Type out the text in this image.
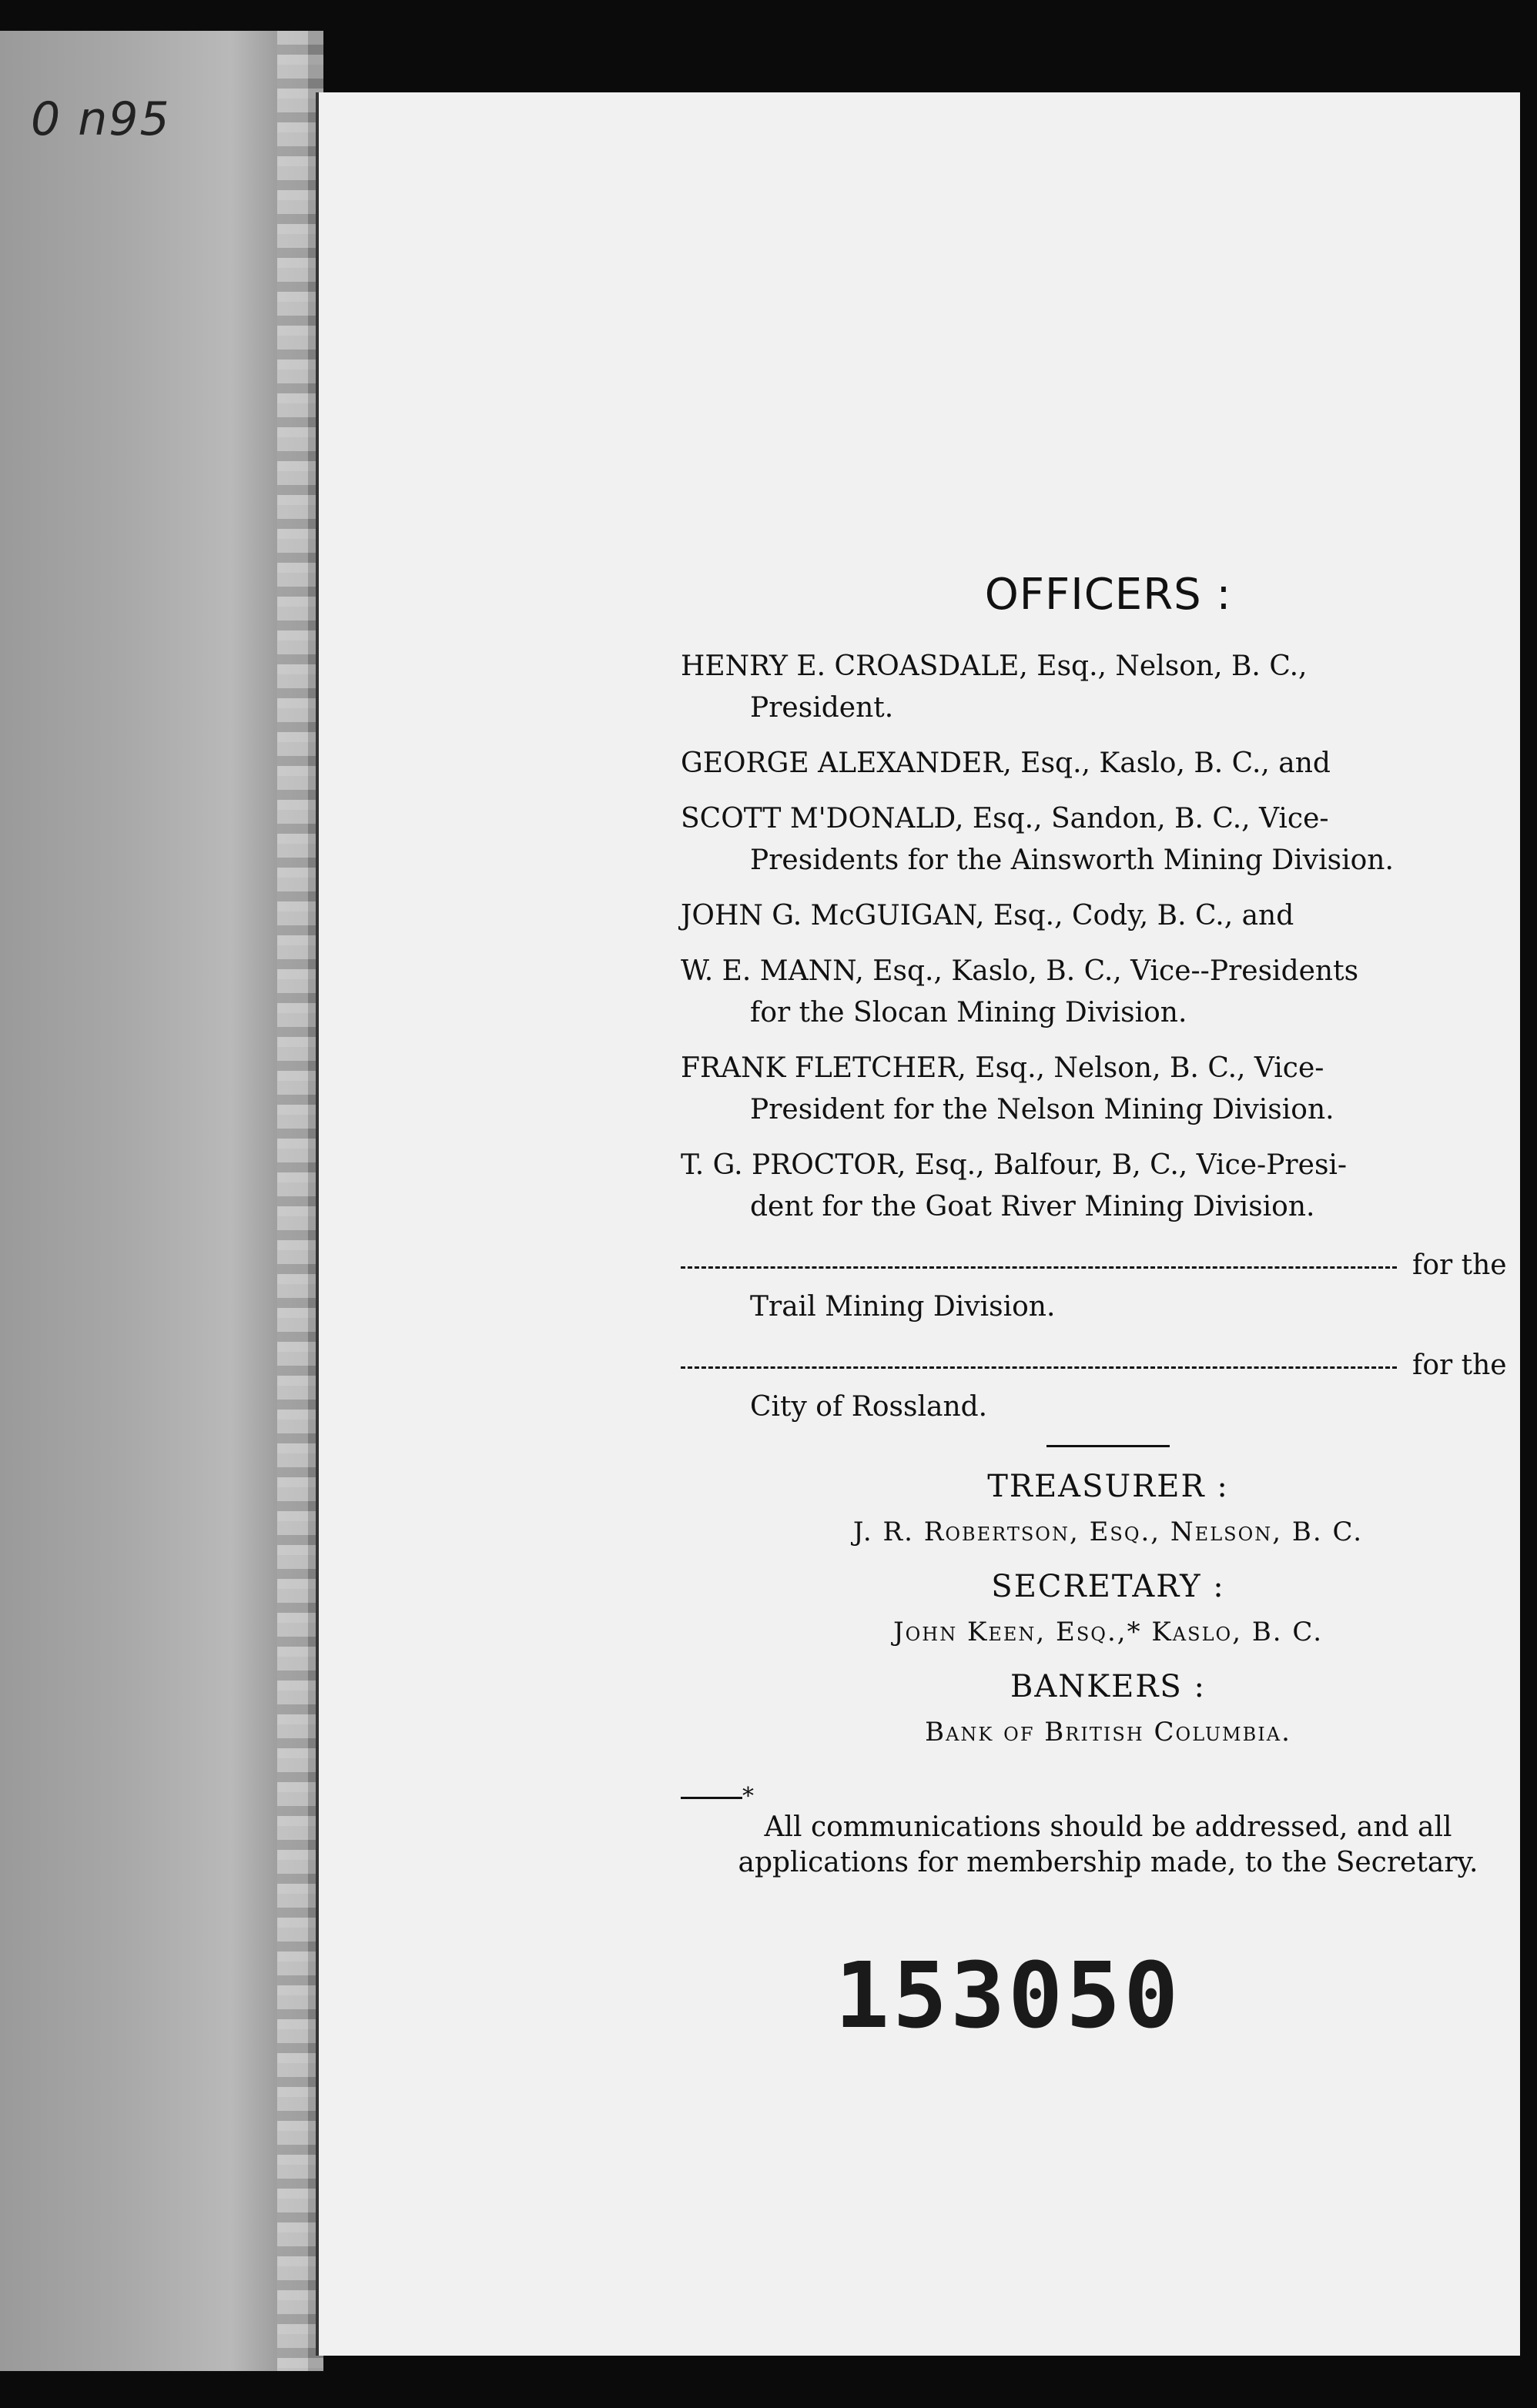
0 n95
OFFICERS :
HENRY E. CROASDALE, Esq., Nelson, B. C.,
President.
GEORGE ALEXANDER, Esq., Kaslo, B. C., and
SCOTT M'DONALD, Esq., Sandon, B. C., Vice-
Presidents for the Ainsworth Mining Division.
JOHN G. McGUIGAN, Esq., Cody, B. C., and
W. E. MANN, Esq., Kaslo, B. C., Vice--Presidents
for the Slocan Mining Division.
FRANK FLETCHER, Esq., Nelson, B. C., Vice-
President for the Nelson Mining Division.
T. G. PROCTOR, Esq., Balfour, B, C., Vice-Presi-
dent for the Goat River Mining Division.
for the
Trail Mining Division.
for the
City of Rossland.
TREASURER :
J. R. Robertson, Esq., Nelson, B. C.
SECRETARY :
John Keen, Esq.,* Kaslo, B. C.
BANKERS :
Bank of British Columbia.
*
All communications should be addressed, and all applications for membership made, to the Secretary.
153050
